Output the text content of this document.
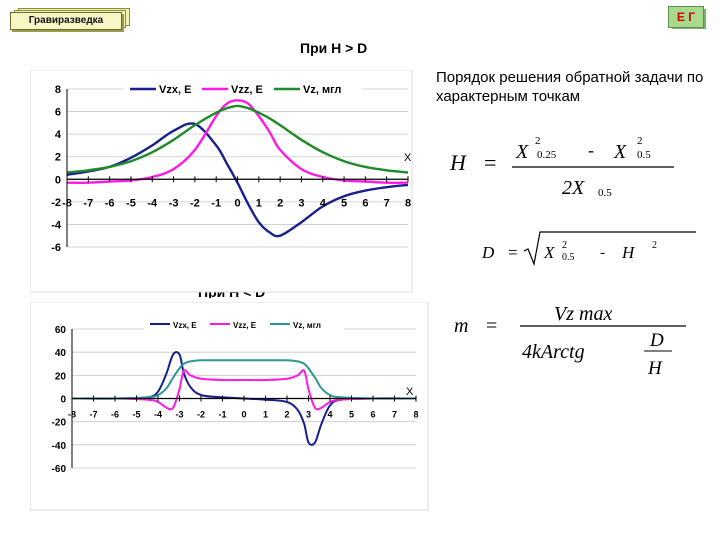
Гравиразведка	Е Г
При H > D
Порядок решения обратной задачи по характерным точкам
H = X 2
0.25 - X 2
0.5
2X 0.5
D = X 2
0.5 - H 2
m =
Vz max
4kArctg
D
H
-6
-4
-2
0
2
4
6
8
-8 -7 -6 -5 -4 -3 -2 -1 0 1 2 3 4 5 6 7 8
X
Vzx, E	Vzz, E	Vz, мгл
-60
-40
-20
0
20
40
60
-8 -7 -6 -5 -4 -3 -2 -1 0 1 2 3 4 5 6 7 8
X
Vzx, E	Vzz, E	Vz, мгл
